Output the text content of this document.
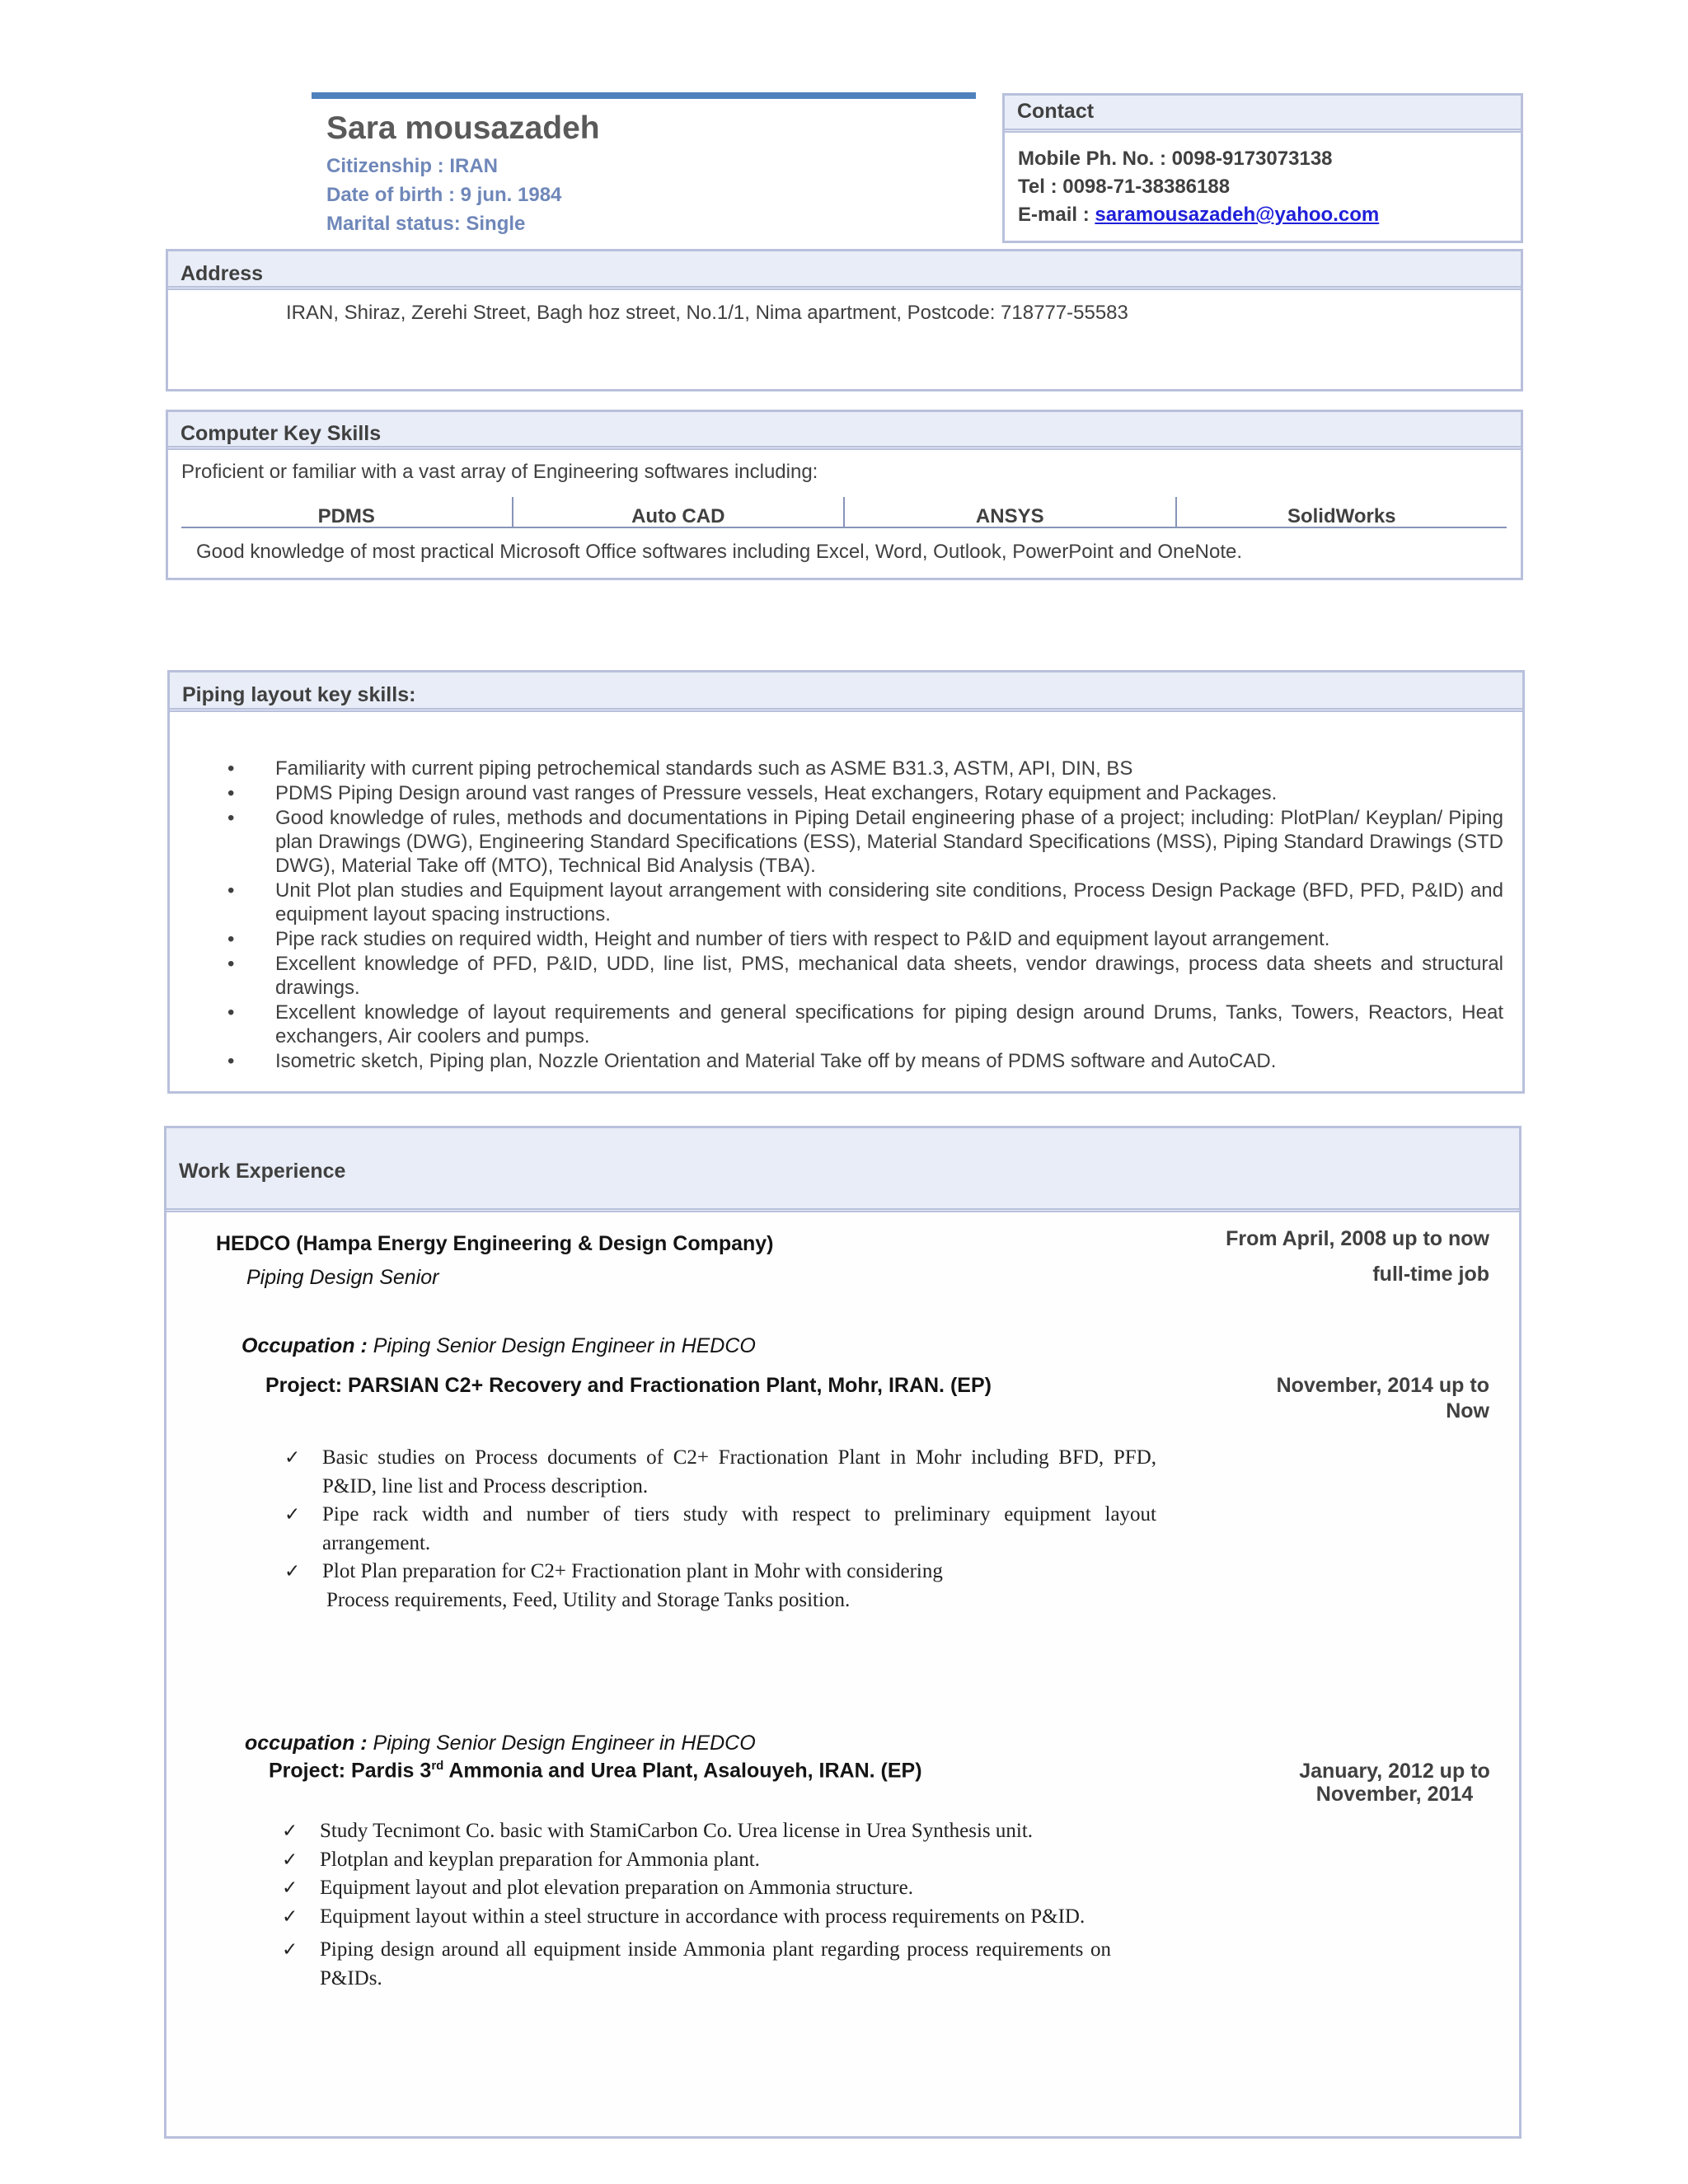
Sara mousazadeh
Citizenship : IRAN
Date of birth : 9 jun. 1984
Marital status: Single
Contact
Mobile Ph. No. : 0098-9173073138
Tel : 0098-71-38386188
E-mail : saramousazadeh@yahoo.com
Address
IRAN, Shiraz, Zerehi Street, Bagh hoz street, No.1/1, Nima apartment, Postcode: 718777-55583
Computer Key Skills
Proficient or familiar with a vast array of Engineering softwares including:
PDMS	Auto CAD	ANSYS	SolidWorks
Good knowledge of most practical Microsoft Office softwares including Excel, Word, Outlook, PowerPoint and OneNote.
Piping layout key skills:
• Familiarity with current piping petrochemical standards such as ASME B31.3, ASTM, API, DIN, BS
• PDMS Piping Design around vast ranges of Pressure vessels, Heat exchangers, Rotary equipment and Packages.
• Good knowledge of rules, methods and documentations in Piping Detail engineering phase of a project; including: PlotPlan/ Keyplan/ Piping plan Drawings (DWG), Engineering Standard Specifications (ESS), Material Standard Specifications (MSS), Piping Standard Drawings (STD DWG), Material Take off (MTO), Technical Bid Analysis (TBA).
• Unit Plot plan studies and Equipment layout arrangement with considering site conditions, Process Design Package (BFD, PFD, P&ID) and equipment layout spacing instructions.
• Pipe rack studies on required width, Height and number of tiers with respect to P&ID and equipment layout arrangement.
• Excellent knowledge of PFD, P&ID, UDD, line list, PMS, mechanical data sheets, vendor drawings, process data sheets and structural drawings.
• Excellent knowledge of layout requirements and general specifications for piping design around Drums, Tanks, Towers, Reactors, Heat exchangers, Air coolers and pumps.
• Isometric sketch, Piping plan, Nozzle Orientation and Material Take off by means of PDMS software and AutoCAD.
Work Experience
HEDCO (Hampa Energy Engineering & Design Company)
Piping Design Senior
From April, 2008 up to now
full-time job
Occupation : Piping Senior Design Engineer in HEDCO
Project: PARSIAN C2+ Recovery and Fractionation Plant, Mohr, IRAN. (EP)	November, 2014 up to
Now
✓ Basic studies on Process documents of C2+ Fractionation Plant in Mohr including BFD, PFD, P&ID, line list and Process description.
✓ Pipe rack width and number of tiers study with respect to preliminary equipment layout arrangement.
✓ Plot Plan preparation for C2+ Fractionation plant in Mohr with considering
Process requirements, Feed, Utility and Storage Tanks position.
occupation : Piping Senior Design Engineer in HEDCO
Project: Pardis 3rd Ammonia and Urea Plant, Asalouyeh, IRAN. (EP)	January, 2012 up to
November, 2014
✓ Study Tecnimont Co. basic with StamiCarbon Co. Urea license in Urea Synthesis unit.
✓ Plotplan and keyplan preparation for Ammonia plant.
✓ Equipment layout and plot elevation preparation on Ammonia structure.
✓ Equipment layout within a steel structure in accordance with process requirements on P&ID.
✓ Piping design around all equipment inside Ammonia plant regarding process requirements on P&IDs.
